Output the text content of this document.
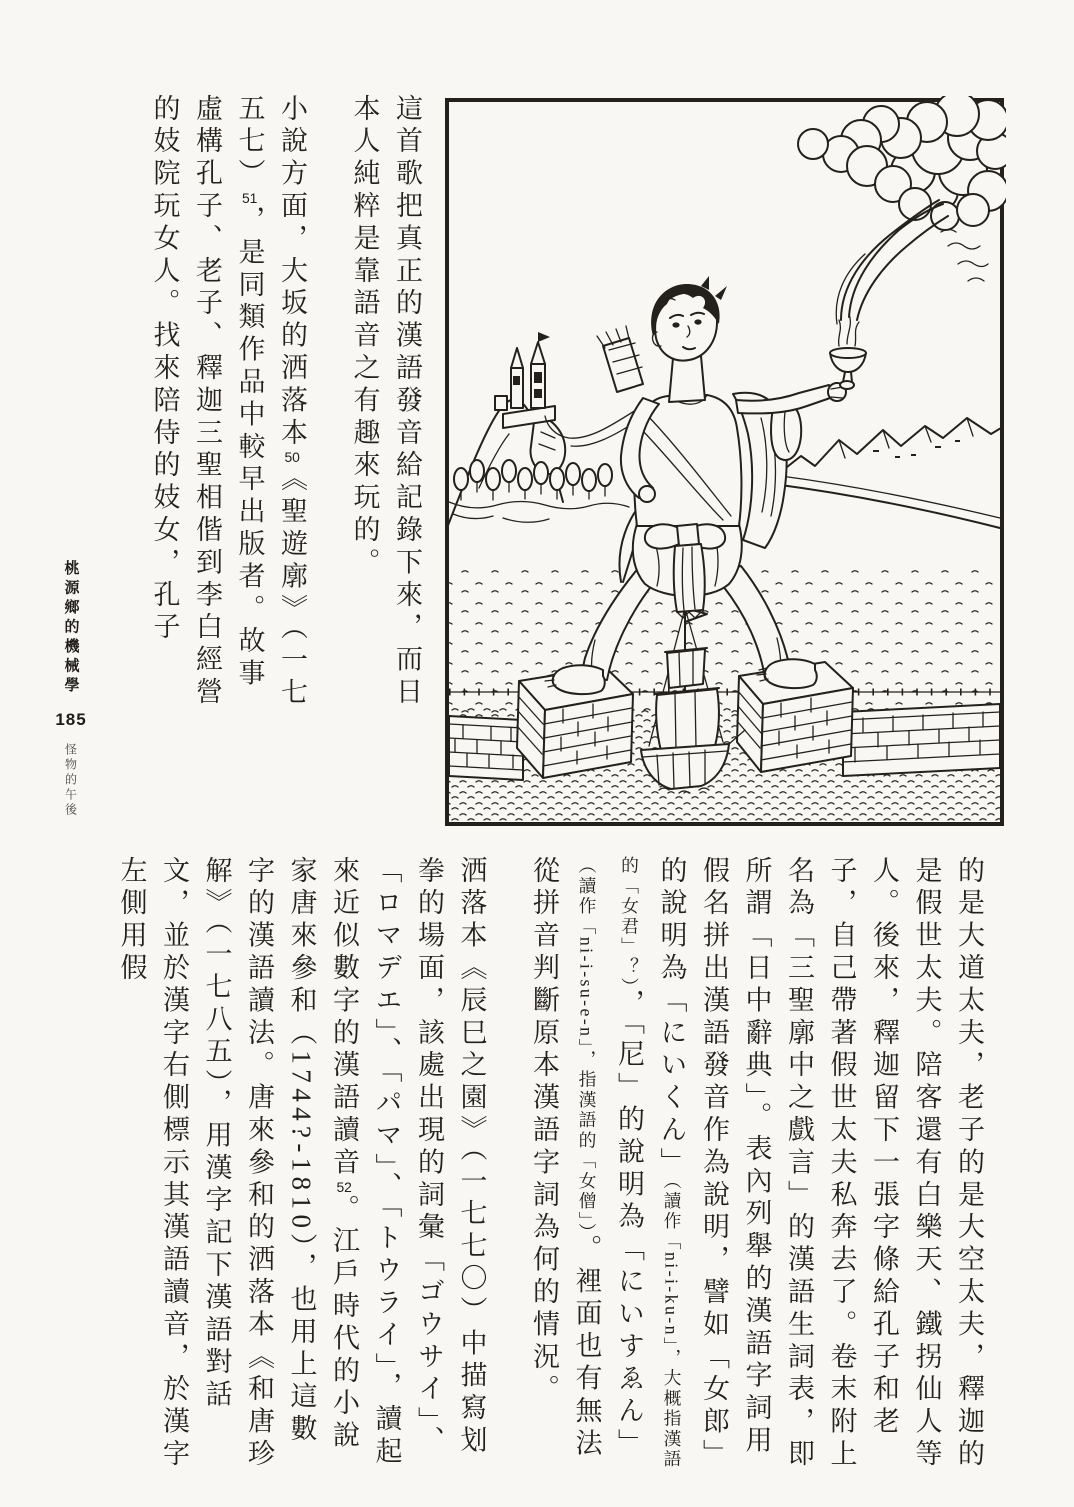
桃源鄉的機械學
185
怪物的午後

這首歌把真正的漢語發音給記錄下來，而日本人純粹是靠語音之有趣來玩的。

小說方面，大坂的洒落本50《聖遊廓》（一七五七）51，是同類作品中較早出版者。故事虛構孔子、老子、釋迦三聖相偕到李白經營的妓院玩女人。找來陪侍的妓女，孔子

的是大道太夫，老子的是大空太夫，釋迦的是假世太夫。陪客還有白樂天、鐵拐仙人等人。後來，釋迦留下一張字條給孔子和老子，自己帶著假世太夫私奔去了。卷末附上名為「三聖廓中之戲言」的漢語生詞表，即所謂「日中辭典」。表內列舉的漢語字詞用假名拼出漢語發音作為說明，譬如「女郎」的說明為「にいくん」（讀作「ni-i-ku-n」，大概指漢語的「女君」？），「尼」的說明為「にいすゑん」（讀作「ni-i-su-e-n」，指漢語的「女僧」）。裡面也有無法從拼音判斷原本漢語字詞為何的情況。

洒落本《辰巳之園》（一七七〇）中描寫划拳的場面，該處出現的詞彙「ゴウサイ」、「ロマデエ」、「パマ」、「トウライ」，讀起來近似數字的漢語讀音52。江戶時代的小說家唐來參和（1744?-1810），也用上這數字的漢語讀法。唐來參和的洒落本《和唐珍解》（一七八五），用漢字記下漢語對話文，並於漢字右側標示其漢語讀音，於漢字左側用假
